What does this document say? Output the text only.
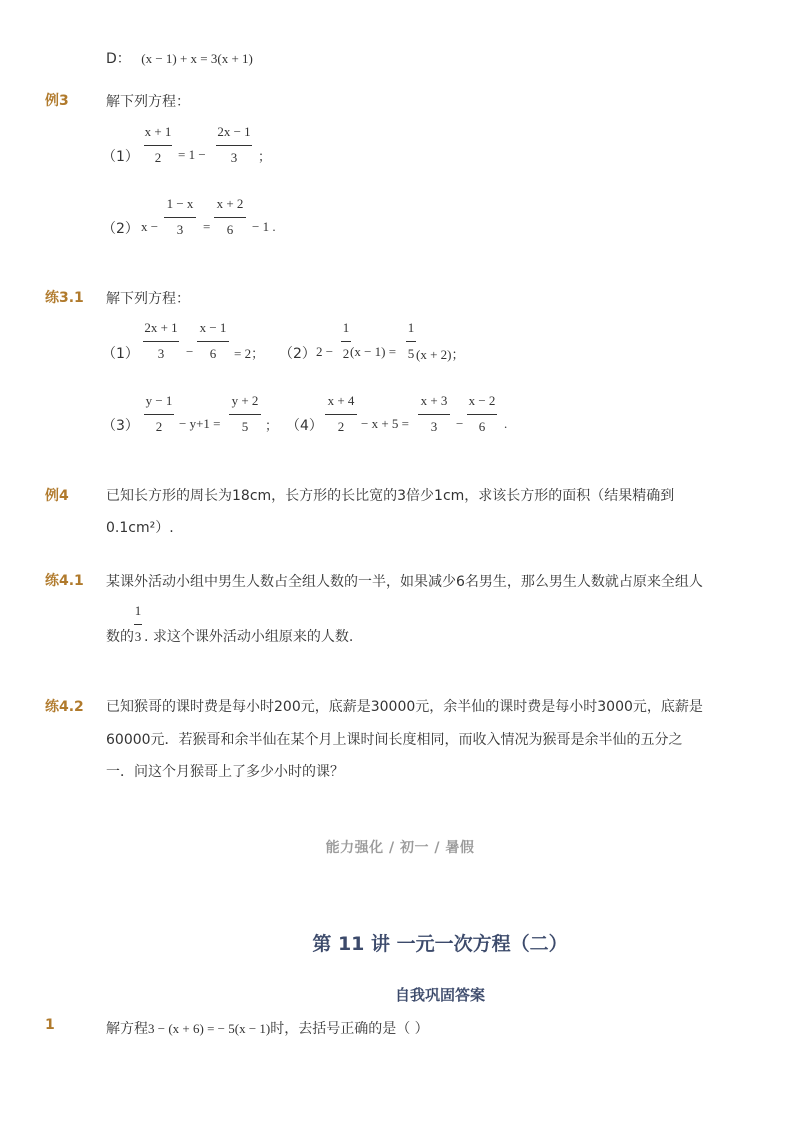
D： (x − 1) + x = 3(x + 1)
例3	解下列方程：
（1）
x + 1
2	= 1 −
2x − 1
3	；
（2） x −
1 − x
3	=
x + 2
6	− 1 .
练3.1 解下列方程：
（1）
2x + 1
3	−
x − 1
6	= 2； （2） 2 −
1
2 (x − 1) =
1
5 (x + 2)；
（3）
y − 1
2	− y+1 =
y + 2
5	； （4）
x + 4
2	− x + 5 =
x + 3
3	−
x − 2
6	.
例4	已知长方形的周长为18cm，长方形的长比宽的3倍少1cm，求该长方形的面积（结果精确到
0.1cm²）.
练4.1 某课外活动小组中男生人数占全组人数的一半，如果减少6名男生，那么男生人数就占原来全组人
数的
1
3 . 求这个课外活动小组原来的人数.
练4.2 已知猴哥的课时费是每小时200元，底薪是30000元，余半仙的课时费是每小时3000元，底薪是
60000元．若猴哥和余半仙在某个月上课时间长度相同，而收入情况为猴哥是余半仙的五分之
一．问这个月猴哥上了多少小时的课？
能力强化 / 初一 / 暑假
第 11 讲 一元一次方程（二）
自我巩固答案
1	解方程3 − (x + 6) = − 5(x − 1)时，去括号正确的是（ ）
